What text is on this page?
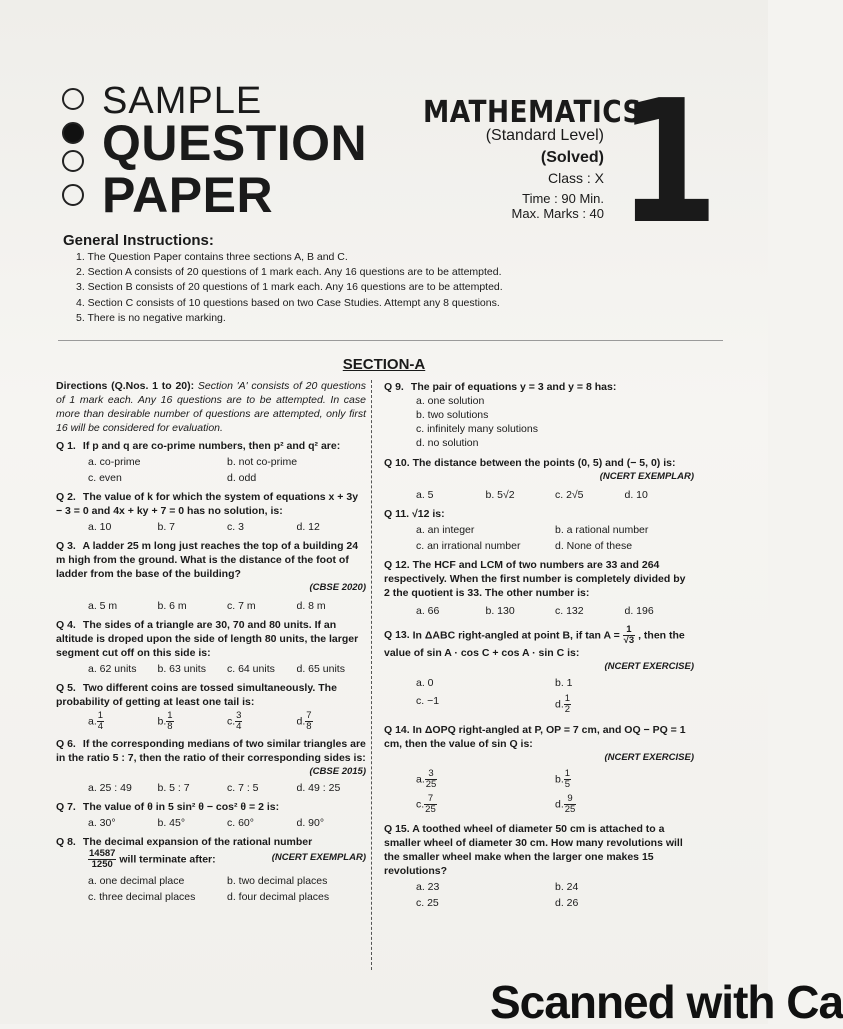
SAMPLE
QUESTION
PAPER
MATHEMATICS
(Standard Level)
(Solved)
Class : X
Time : 90 Min.
Max. Marks : 40 1
General Instructions:
1. The Question Paper contains three sections A, B and C.
2. Section A consists of 20 questions of 1 mark each. Any 16 questions are to be attempted.
3. Section B consists of 20 questions of 1 mark each. Any 16 questions are to be attempted.
4. Section C consists of 10 questions based on two Case Studies. Attempt any 8 questions.
5. There is no negative marking.
SECTION-A
Directions (Q.Nos. 1 to 20): Section 'A' consists of 20 questions of 1 mark each. Any 16 questions are to be attempted. In case more than desirable number of questions are attempted, only first 16 will be considered for evaluation.
Q 1. If p and q are co-prime numbers, then p² and q² are:
a. co-prime	b. not co-prime
c. even	d. odd
Q 2. The value of k for which the system of equations x + 3y − 3 = 0 and 4x + ky + 7 = 0 has no solution, is:
a. 10	b. 7	c. 3	d. 12
Q 3. A ladder 25 m long just reaches the top of a building 24 m high from the ground. What is the distance of the foot of ladder from the base of the building?
(CBSE 2020)
a. 5 m	b. 6 m	c. 7 m	d. 8 m
Q 4. The sides of a triangle are 30, 70 and 80 units. If an altitude is droped upon the side of length 80 units, the larger segment cut off on this side is:
a. 62 units	b. 63 units	c. 64 units	d. 65 units
Q 5. Two different coins are tossed simultaneously. The probability of getting at least one tail is:
a. $\frac{1}{4}$	b. $\frac{1}{8}$	c. $\frac{3}{4}$	d. $\frac{7}{8}$
Q 6. If the corresponding medians of two similar triangles are in the ratio 5 : 7, then the ratio of their corresponding sides is:
(CBSE 2015)
a. 25 : 49	b. 5 : 7	c. 7 : 5	d. 49 : 25
Q 7. The value of θ in 5 sin² θ − cos² θ = 2 is:
a. 30°	b. 45°	c. 60°	d. 90°
Q 8. The decimal expansion of the rational number
$\frac{14587}{1250}$ will terminate after:	(NCERT EXEMPLAR)
a. one decimal place	b. two decimal places
c. three decimal places	d. four decimal places
Q 9. The pair of equations y = 3 and y = 8 has:
a. one solution
b. two solutions
c. infinitely many solutions
d. no solution
Q 10. The distance between the points (0, 5) and (− 5, 0) is:
(NCERT EXEMPLAR)
a. 5	b. 5√2	c. 2√5	d. 10
Q 11. √12 is:
a. an integer	b. a rational number
c. an irrational number	d. None of these
Q 12. The HCF and LCM of two numbers are 33 and 264 respectively. When the first number is completely divided by 2 the quotient is 33. The other number is:
a. 66	b. 130	c. 132	d. 196
Q 13. In ΔABC right-angled at point B, if $\tan A = \frac{1}{√3}$ , then the value of sin A · cos C + cos A · sin C is:
(NCERT EXERCISE)
a. 0	b. 1
c. −1	d. $\frac{1}{2}$
Q 14. In ΔOPQ right-angled at P, OP = 7 cm, and OQ − PQ = 1 cm, then the value of sin Q is:
(NCERT EXERCISE)
a. $\frac{3}{25}$	b. $\frac{1}{5}$
c. $\frac{7}{25}$	d. $\frac{9}{25}$
Q 15. A toothed wheel of diameter 50 cm is attached to a smaller wheel of diameter 30 cm. How many revolutions will the smaller wheel make when the larger one makes 15 revolutions?
a. 23	b. 24
c. 25	d. 26
Scanned with Ca
